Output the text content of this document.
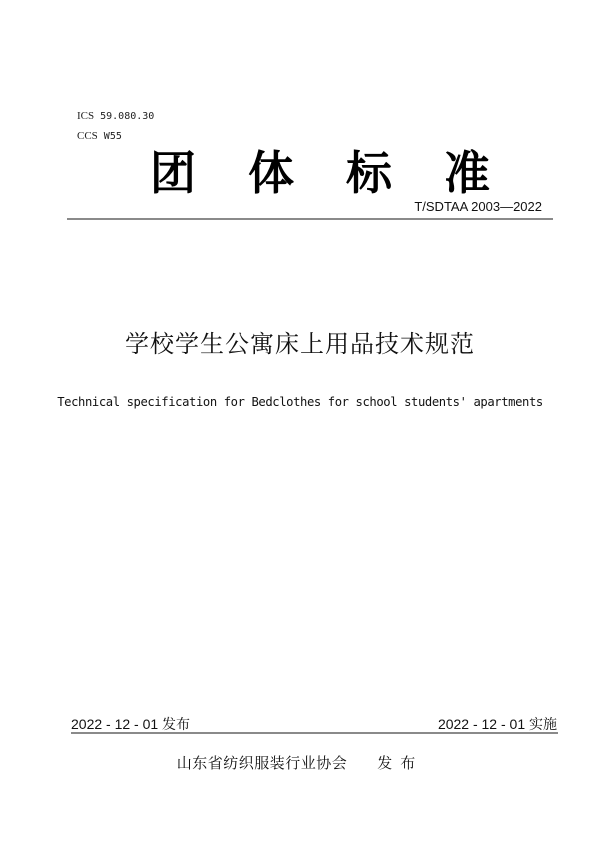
ICS 59.080.30
CCS W55
团 体 标 准
T/SDTAA 2003—2022
学校学生公寓床上用品技术规范
Technical specification for Bedclothes for school students' apartments
2022 - 12 - 01 发布	2022 - 12 - 01 实施
山东省纺织服装行业协会 发布
